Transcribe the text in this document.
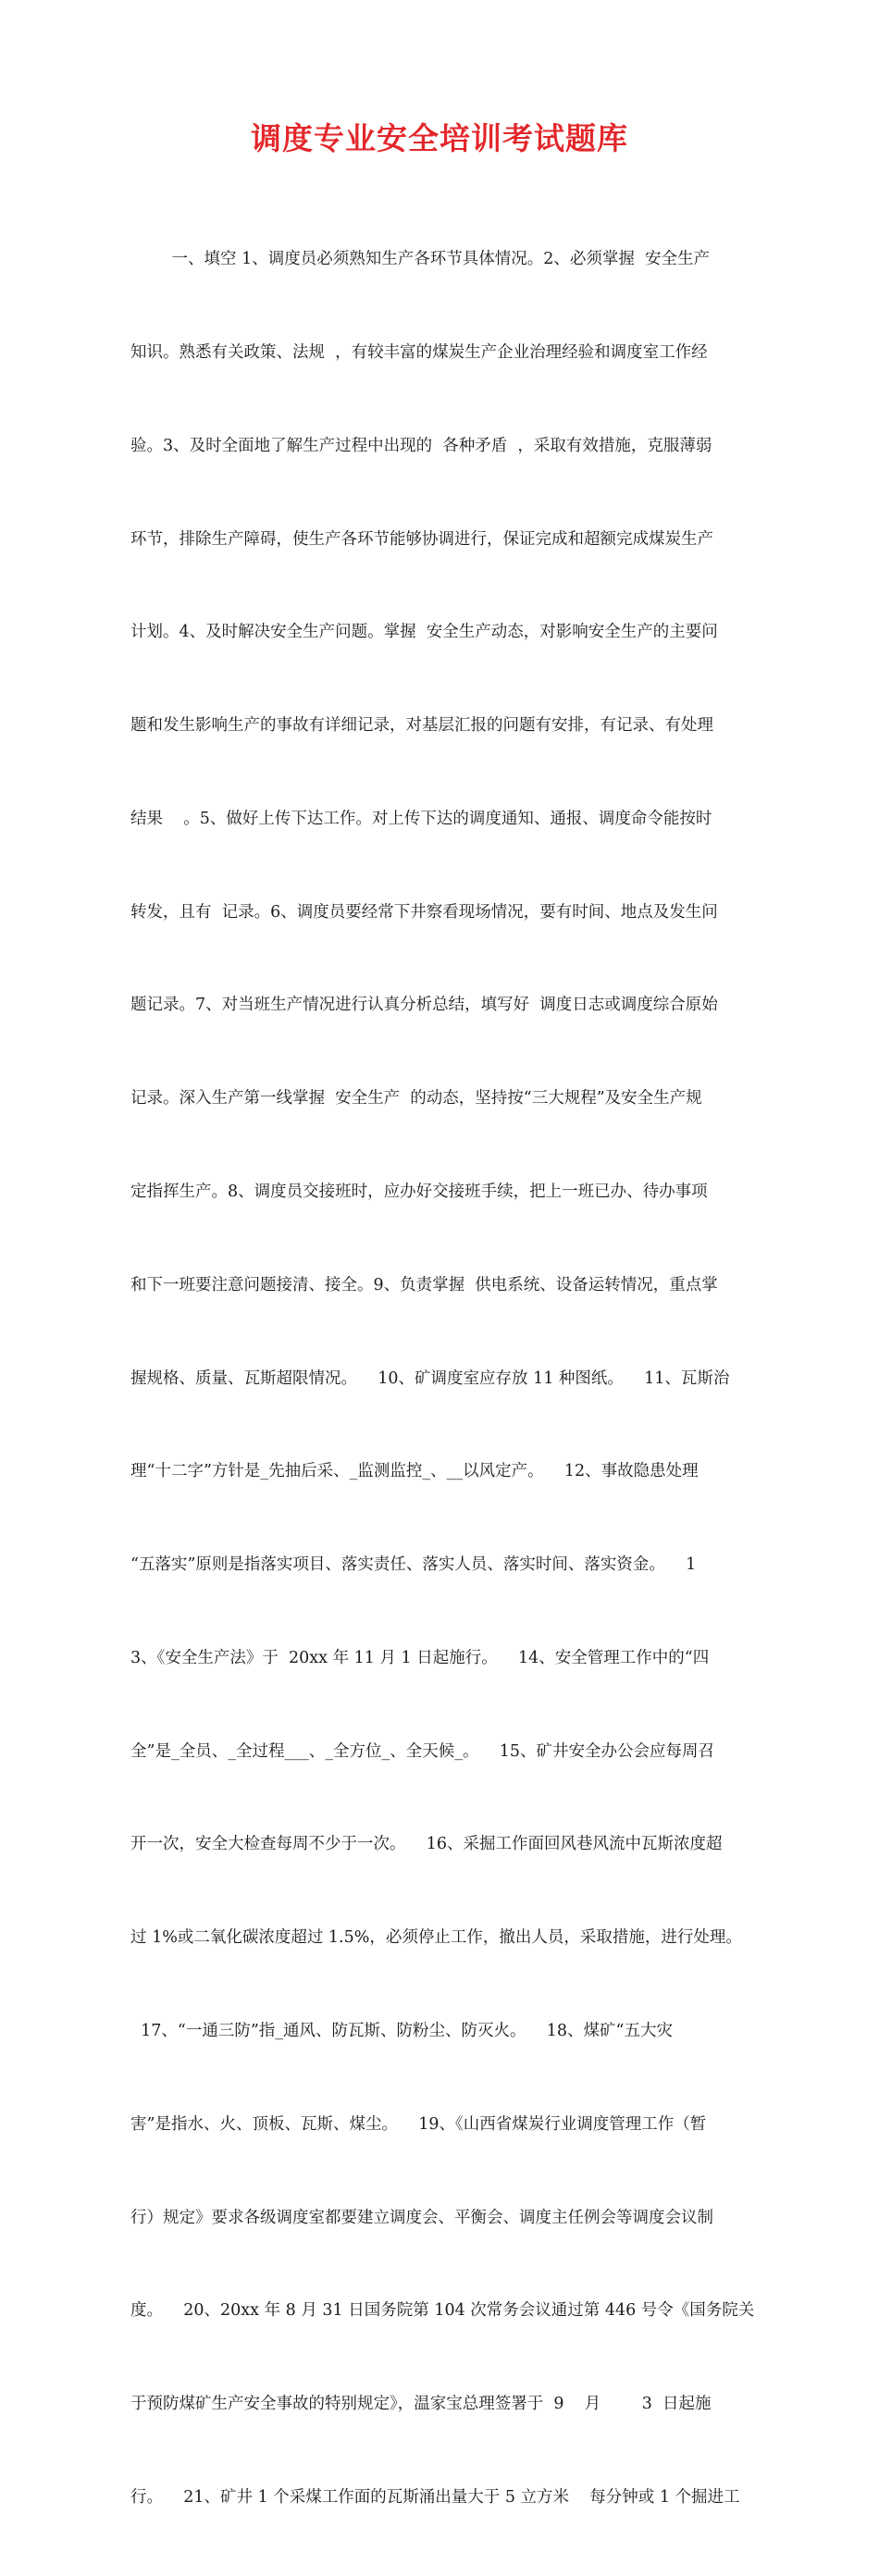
调度专业安全培训考试题库

一、填空 1、调度员必须熟知生产各环节具体情况。2、必须掌握  安全生产

知识。熟悉有关政策、法规  ，有较丰富的煤炭生产企业治理经验和调度室工作经

验。3、及时全面地了解生产过程中出现的  各种矛盾  ，采取有效措施，克服薄弱

环节，排除生产障碍，使生产各环节能够协调进行，保证完成和超额完成煤炭生产

计划。4、及时解决安全生产问题。掌握  安全生产动态，对影响安全生产的主要问

题和发生影响生产的事故有详细记录，对基层汇报的问题有安排，有记录、有处理

结果    。5、做好上传下达工作。对上传下达的调度通知、通报、调度命令能按时

转发，且有  记录。6、调度员要经常下井察看现场情况，要有时间、地点及发生问

题记录。7、对当班生产情况进行认真分析总结，填写好  调度日志或调度综合原始

记录。深入生产第一线掌握  安全生产  的动态，坚持按“三大规程”及安全生产规

定指挥生产。8、调度员交接班时，应办好交接班手续，把上一班已办、待办事项

和下一班要注意问题接清、接全。9、负责掌握  供电系统、设备运转情况，重点掌

握规格、质量、瓦斯超限情况。    10、矿调度室应存放 11 种图纸。    11、瓦斯治

理“十二字”方针是_先抽后采、_监测监控_、__以风定产。    12、事故隐患处理

“五落实”原则是指落实项目、落实责任、落实人员、落实时间、落实资金。    1

3、《安全生产法》于  20xx 年 11 月 1 日起施行。    14、安全管理工作中的“四

全”是_全员、_全过程___、_全方位_、全天候_。    15、矿井安全办公会应每周召

开一次，安全大检查每周不少于一次。    16、采掘工作面回风巷风流中瓦斯浓度超

过 1%或二氧化碳浓度超过 1.5%，必须停止工作，撤出人员，采取措施，进行处理。

17、“一通三防”指_通风、防瓦斯、防粉尘、防灭火。    18、煤矿“五大灾

害”是指水、火、顶板、瓦斯、煤尘。    19、《山西省煤炭行业调度管理工作（暂

行）规定》要求各级调度室都要建立调度会、平衡会、调度主任例会等调度会议制

度。    20、20xx 年 8 月 31 日国务院第 104 次常务会议通过第 446 号令《国务院关

于预防煤矿生产安全事故的特别规定》，温家宝总理签署于  9    月        3  日起施

行。    21、矿井 1 个采煤工作面的瓦斯涌出量大于 5 立方米    每分钟或 1 个掘进工
